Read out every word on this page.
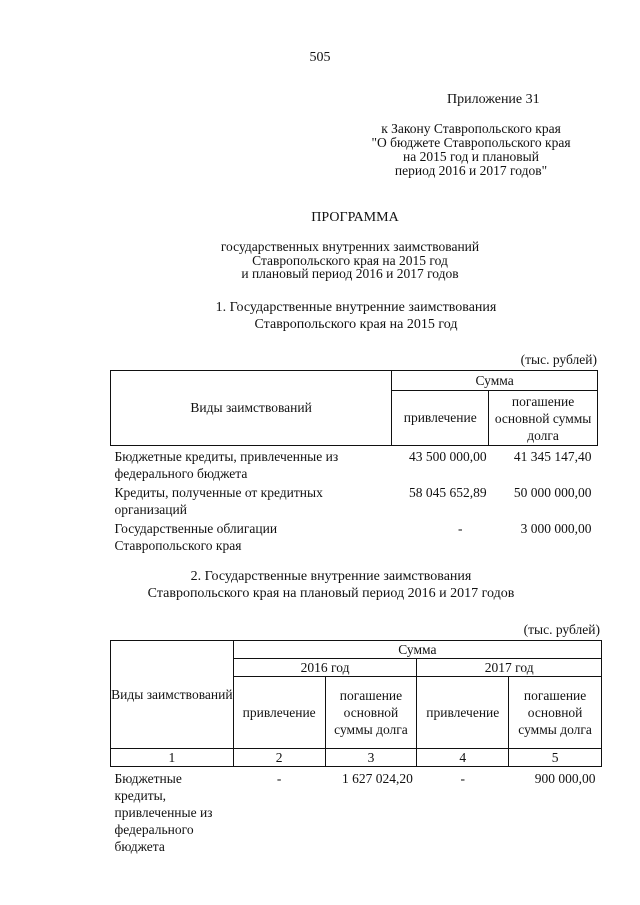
505
Приложение 31
к Закону Ставропольского края
"О бюджете Ставропольского края
на 2015 год и плановый
период 2016 и 2017 годов"
ПРОГРАММА
государственных внутренних заимствований
Ставропольского края на 2015 год
и плановый период 2016 и 2017 годов
1. Государственные внутренние заимствования
Ставропольского края на 2015 год
(тыс. рублей)
Виды заимствований	Сумма	
	привлечение	погашение основной суммы долга
Бюджетные кредиты, привлеченные из федерального бюджета	43 500 000,00	41 345 147,40
Кредиты, полученные от кредитных организаций	58 045 652,89	50 000 000,00
Государственные облигации Ставропольского края	-	3 000 000,00
2. Государственные внутренние заимствования
Ставропольского края на плановый период 2016 и 2017 годов
(тыс. рублей)
Виды заимствований	Сумма			
	2016 год		2017 год	
	привлечение	погашение основной суммы долга	привлечение	погашение основной суммы долга
1	2	3	4	5
Бюджетные кредиты, привлеченные из федерального бюджета	-	1 627 024,20	-	900 000,00
